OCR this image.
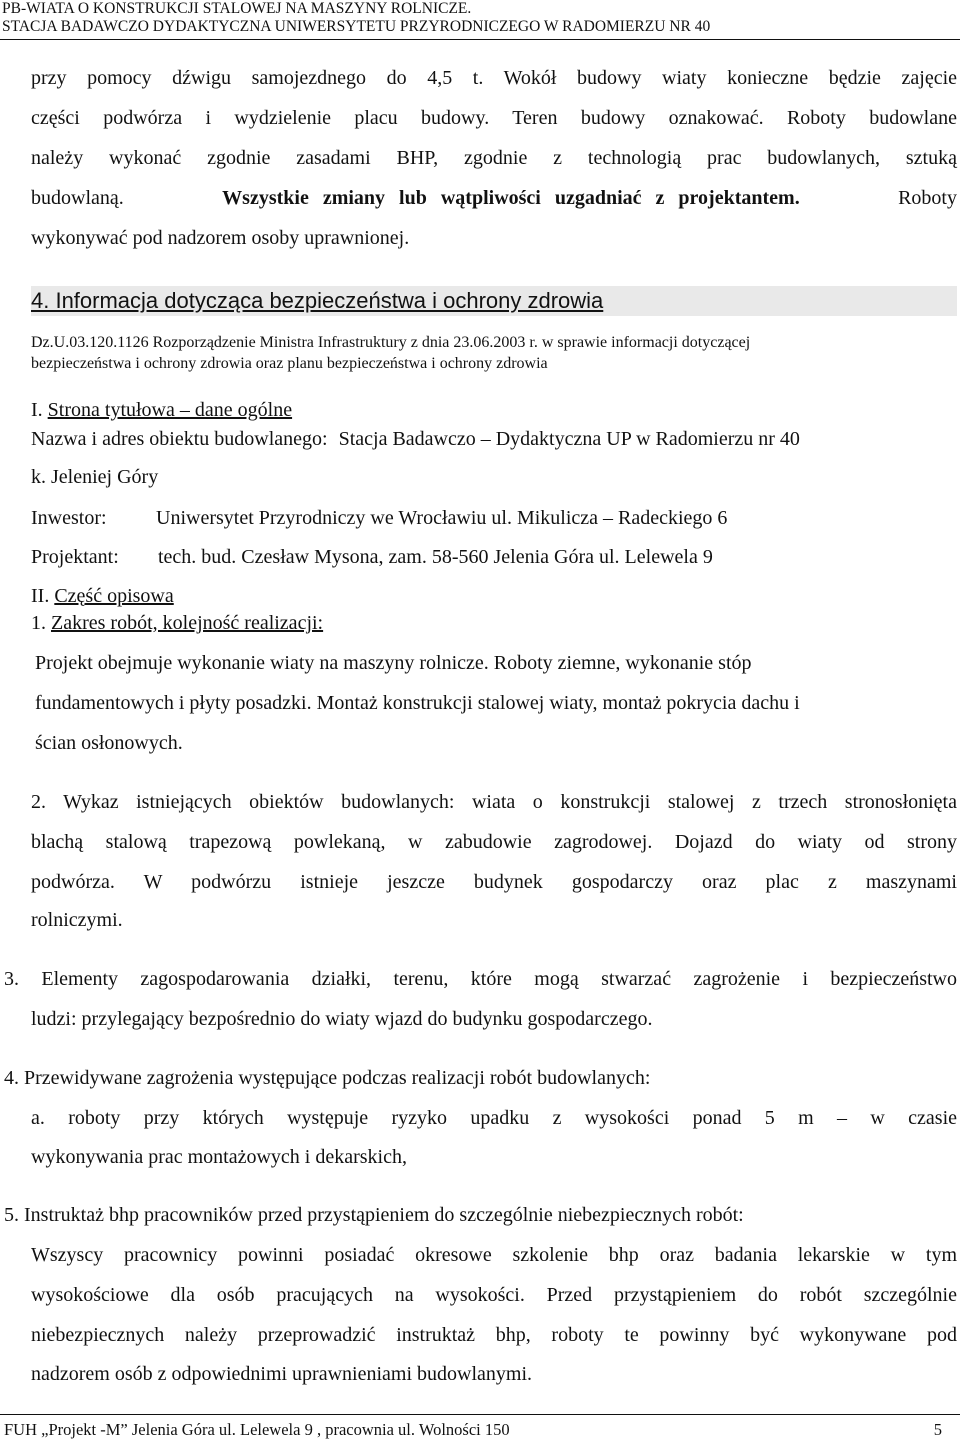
PB-WIATA O KONSTRUKCJI STALOWEJ NA MASZYNY ROLNICZE.
STACJA BADAWCZO DYDAKTYCZNA UNIWERSYTETU PRZYRODNICZEGO W RADOMIERZU NR 40
przy pomocy dźwigu samojezdnego do 4,5 t. Wokół budowy wiaty konieczne będzie zajęcie
części podwórza i wydzielenie placu budowy. Teren budowy oznakować. Roboty budowlane
należy wykonać zgodnie zasadami BHP, zgodnie z technologią prac budowlanych, sztuką
budowlaną.	Wszystkie zmiany lub wątpliwości uzgadniać z projektantem.	Roboty
wykonywać pod nadzorem osoby uprawnionej.
4. Informacja dotycząca bezpieczeństwa i ochrony zdrowia
Dz.U.03.120.1126 Rozporządzenie Ministra Infrastruktury z dnia 23.06.2003 r. w sprawie informacji dotyczącej
bezpieczeństwa i ochrony zdrowia oraz planu bezpieczeństwa i ochrony zdrowia
I. Strona tytułowa – dane ogólne
Nazwa i adres obiektu budowlanego: Stacja Badawczo – Dydaktyczna UP w Radomierzu nr 40
k. Jeleniej Góry
Inwestor: Uniwersytet Przyrodniczy we Wrocławiu ul. Mikulicza – Radeckiego 6
Projektant: tech. bud. Czesław Mysona, zam. 58-560 Jelenia Góra ul. Lelewela 9
II. Część opisowa
1. Zakres robót, kolejność realizacji:
Projekt obejmuje wykonanie wiaty na maszyny rolnicze. Roboty ziemne, wykonanie stóp
fundamentowych i płyty posadzki. Montaż konstrukcji stalowej wiaty, montaż pokrycia dachu i
ścian osłonowych.
2. Wykaz istniejących obiektów budowlanych: wiata o konstrukcji stalowej z trzech stronosłonięta
blachą stalową trapezową powlekaną, w zabudowie zagrodowej. Dojazd do wiaty od strony
podwórza. W podwórzu istnieje jeszcze budynek gospodarczy oraz plac z maszynami
rolniczymi.
3. Elementy zagospodarowania działki, terenu, które mogą stwarzać zagrożenie i bezpieczeństwo
ludzi: przylegający bezpośrednio do wiaty wjazd do budynku gospodarczego.
4. Przewidywane zagrożenia występujące podczas realizacji robót budowlanych:
a. roboty przy których występuje ryzyko upadku z wysokości ponad 5 m – w czasie
wykonywania prac montażowych i dekarskich,
5. Instruktaż bhp pracowników przed przystąpieniem do szczególnie niebezpiecznych robót:
Wszyscy pracownicy powinni posiadać okresowe szkolenie bhp oraz badania lekarskie w tym
wysokościowe dla osób pracujących na wysokości. Przed przystąpieniem do robót szczególnie
niebezpiecznych należy przeprowadzić instruktaż bhp, roboty te powinny być wykonywane pod
nadzorem osób z odpowiednimi uprawnieniami budowlanymi.
FUH „Projekt -M” Jelenia Góra ul. Lelewela 9 , pracownia ul. Wolności 150	5
